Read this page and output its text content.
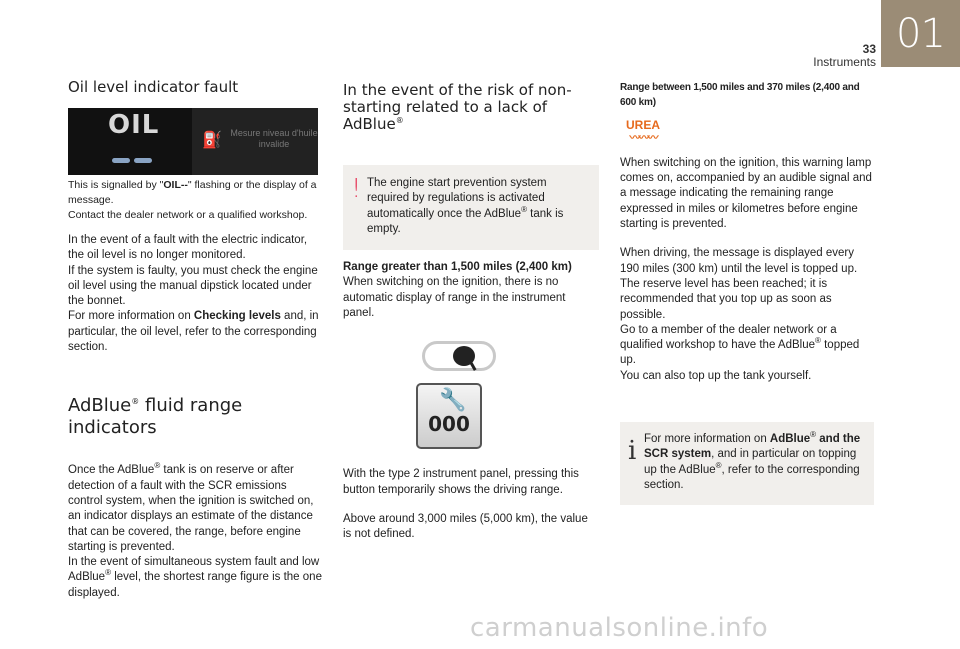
33
Instruments
01
Oil level indicator fault
OIL	⛽ Mesure niveau d'huile invalide

This is signalled by "OIL--" flashing or the display of a message.
Contact the dealer network or a qualified workshop.

In the event of a fault with the electric indicator, the oil level is no longer monitored.

If the system is faulty, you must check the engine oil level using the manual dipstick located under the bonnet.

For more information on Checking levels and, in particular, the oil level, refer to the corresponding section.

AdBlue® fluid range indicators

Once the AdBlue® tank is on reserve or after detection of a fault with the SCR emissions control system, when the ignition is switched on, an indicator displays an estimate of the distance that can be covered, the range, before engine starting is prevented.

In the event of simultaneous system fault and low AdBlue® level, the shortest range figure is the one displayed.

In the event of the risk of non-
starting related to a lack of AdBlue®
! The engine start prevention system required by regulations is activated automatically once the AdBlue® tank is empty.

Range greater than 1,500 miles (2,400 km)

When switching on the ignition, there is no automatic display of range in the instrument panel.

🔧
000

With the type 2 instrument panel, pressing this button temporarily shows the driving range.

Above around 3,000 miles (5,000 km), the value is not defined.

Range between 1,500 miles and 370 miles (2,400 and 600 km)

UREA
〰〰〰

When switching on the ignition, this warning lamp comes on, accompanied by an audible signal and a message indicating the remaining range expressed in miles or kilometres before engine starting is prevented.

When driving, the message is displayed every 190 miles (300 km) until the level is topped up.

The reserve level has been reached; it is recommended that you top up as soon as possible.

Go to a member of the dealer network or a qualified workshop to have the AdBlue® topped up.

You can also top up the tank yourself.

i For more information on AdBlue® and the SCR system, and in particular on topping up the AdBlue®, refer to the corresponding section.

carmanualsonline.info
